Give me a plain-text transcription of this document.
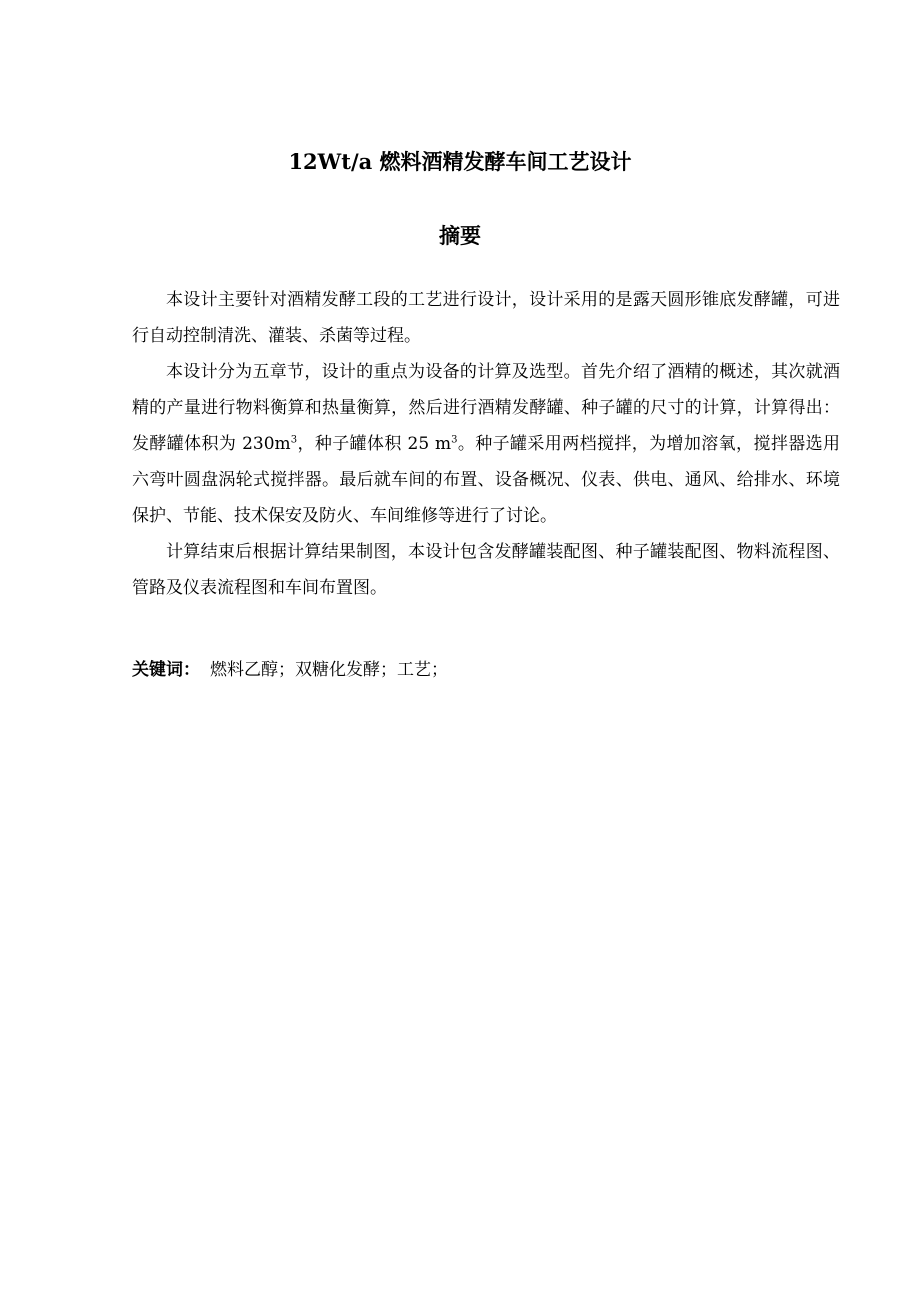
12Wt/a 燃料酒精发酵车间工艺设计
摘要

本设计主要针对酒精发酵工段的工艺进行设计，设计采用的是露天圆形锥底发酵罐，可进行自动控制清洗、灌装、杀菌等过程。

本设计分为五章节，设计的重点为设备的计算及选型。首先介绍了酒精的概述，其次就酒精的产量进行物料衡算和热量衡算，然后进行酒精发酵罐、种子罐的尺寸的计算，计算得出：发酵罐体积为 $230m^3$，种子罐体积 25 $m^3$。种子罐采用两档搅拌，为增加溶氧，搅拌器选用六弯叶圆盘涡轮式搅拌器。最后就车间的布置、设备概况、仪表、供电、通风、给排水、环境保护、节能、技术保安及防火、车间维修等进行了讨论。

计算结束后根据计算结果制图，本设计包含发酵罐装配图、种子罐装配图、物料流程图、管路及仪表流程图和车间布置图。

关键词： 燃料乙醇；双糖化发酵；工艺；
